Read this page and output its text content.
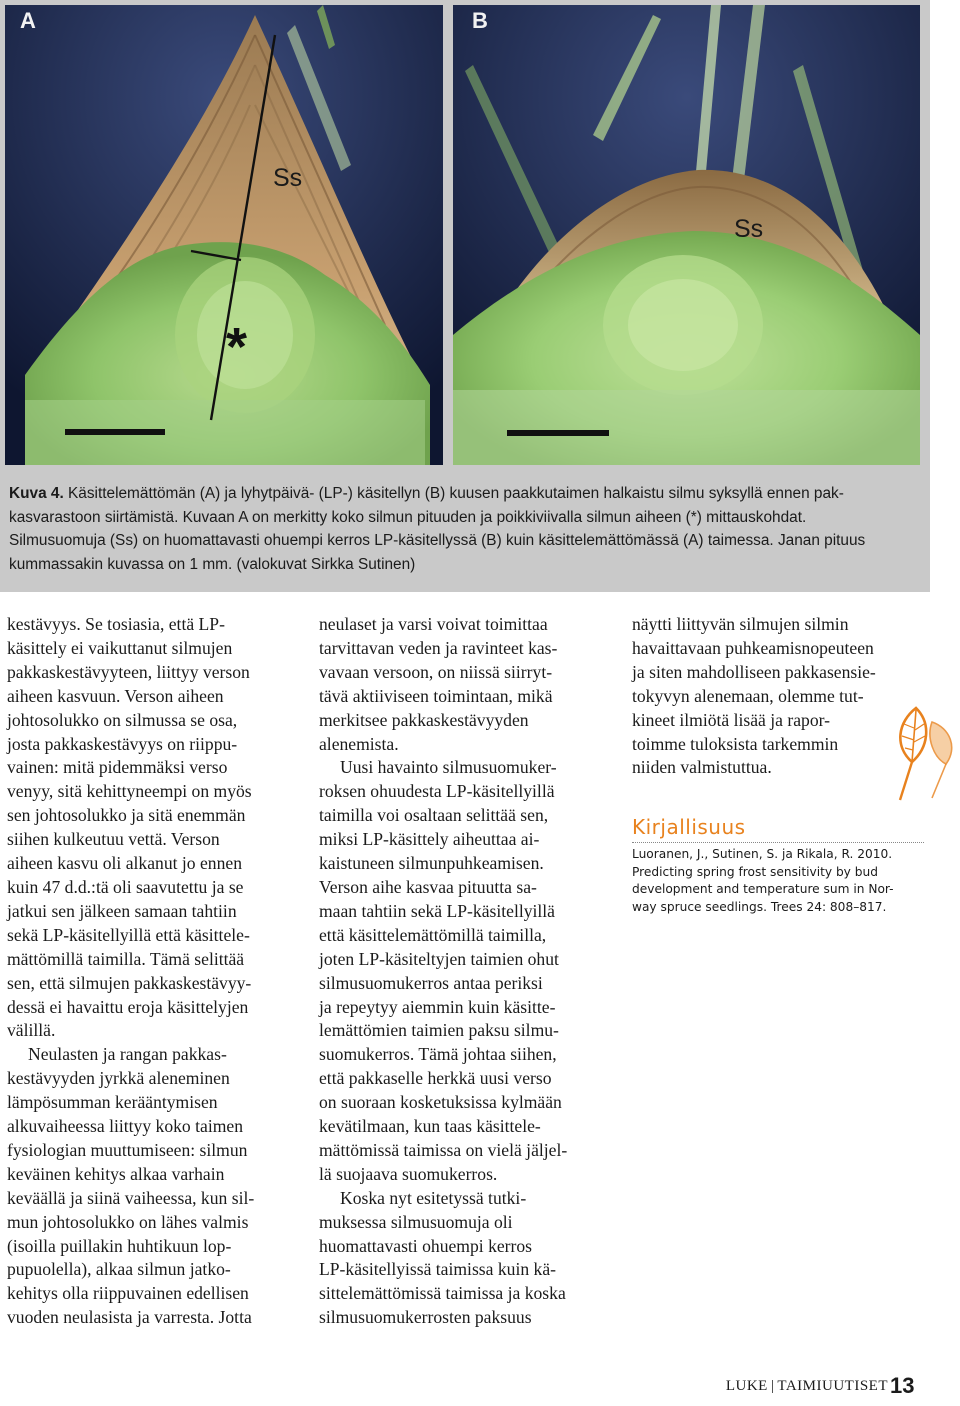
A	B
Ss
Ss
*
Kuva 4. Käsittelemättömän (A) ja lyhytpäivä- (LP-) käsitellyn (B) kuusen paakkutaimen halkaistu silmu syksyllä ennen pak-
kasvarastoon siirtämistä. Kuvaan A on merkitty koko silmun pituuden ja poikkiviivalla silmun aiheen (*) mittauskohdat.
Silmusuomuja (Ss) on huomattavasti ohuempi kerros LP-käsitellyssä (B) kuin käsittelemättömässä (A) taimessa. Janan pituus
kummassakin kuvassa on 1 mm. (valokuvat Sirkka Sutinen)
kestävyys. Se tosiasia, että LP-
käsittely ei vaikuttanut silmujen
pakkaskestävyyteen, liittyy verson
aiheen kasvuun. Verson aiheen
johtosolukko on silmussa se osa,
josta pakkaskestävyys on riippu-
vainen: mitä pidemmäksi verso
venyy, sitä kehittyneempi on myös
sen johtosolukko ja sitä enemmän
siihen kulkeutuu vettä. Verson
aiheen kasvu oli alkanut jo ennen
kuin 47 d.d.:tä oli saavutettu ja se
jatkui sen jälkeen samaan tahtiin
sekä LP-käsitellyillä että käsittele-
mättömillä taimilla. Tämä selittää
sen, että silmujen pakkaskestävyy-
dessä ei havaittu eroja käsittelyjen
välillä.
Neulasten ja rangan pakkas-
kestävyyden jyrkkä aleneminen
lämpösumman kerääntymisen
alkuvaiheessa liittyy koko taimen
fysiologian muuttumiseen: silmun
keväinen kehitys alkaa varhain
keväällä ja siinä vaiheessa, kun sil-
mun johtosolukko on lähes valmis
(isoilla puillakin huhtikuun lop-
pupuolella), alkaa silmun jatko-
kehitys olla riippuvainen edellisen
vuoden neulasista ja varresta. Jotta
neulaset ja varsi voivat toimittaa
tarvittavan veden ja ravinteet kas-
vavaan versoon, on niissä siirryt-
tävä aktiiviseen toimintaan, mikä
merkitsee pakkaskestävyyden
alenemista.
Uusi havainto silmusuomuker-
roksen ohuudesta LP-käsitellyillä
taimilla voi osaltaan selittää sen,
miksi LP-käsittely aiheuttaa ai-
kaistuneen silmunpuhkeamisen.
Verson aihe kasvaa pituutta sa-
maan tahtiin sekä LP-käsitellyillä
että käsittelemättömillä taimilla,
joten LP-käsiteltyjen taimien ohut
silmusuomukerros antaa periksi
ja repeytyy aiemmin kuin käsitte-
lemättömien taimien paksu silmu-
suomukerros. Tämä johtaa siihen,
että pakkaselle herkkä uusi verso
on suoraan kosketuksissa kylmään
kevätilmaan, kun taas käsittele-
mättömissä taimissa on vielä jäljel-
lä suojaava suomukerros.
Koska nyt esitetyssä tutki-
muksessa silmusuomuja oli
huomattavasti ohuempi kerros
LP-käsitellyissä taimissa kuin kä-
sittelemättömissä taimissa ja koska
silmusuomukerrosten paksuus
näytti liittyvän silmujen silmin
havaittavaan puhkeamisnopeuteen
ja siten mahdolliseen pakkasensie-
tokyvyn alenemaan, olemme tut-
kineet ilmiötä lisää ja rapor-
toimme tuloksista tarkemmin
niiden valmistuttua.
Kirjallisuus
Luoranen, J., Sutinen, S. ja Rikala, R. 2010.
Predicting spring frost sensitivity by bud
development and temperature sum in Nor-
way spruce seedlings. Trees 24: 808–817.
LUKE | TAIMIUUTISET 13
